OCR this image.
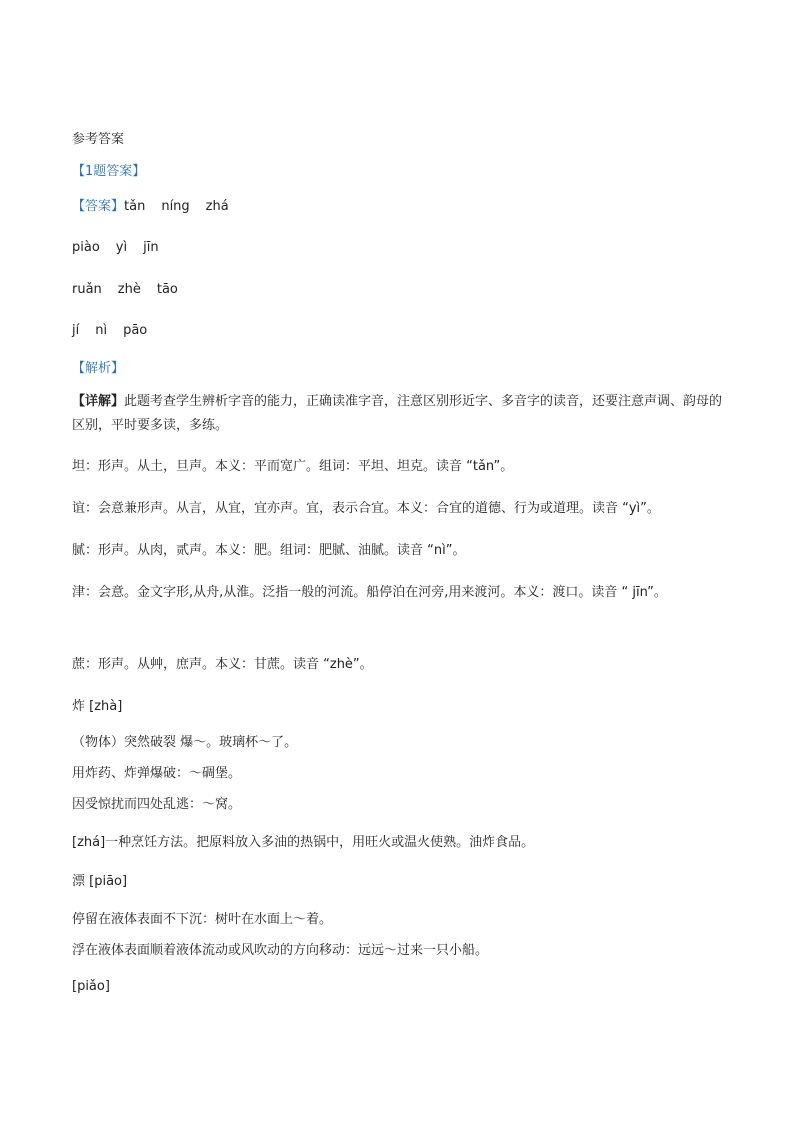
参考答案
【1题答案】
【答案】tǎn níng zhá
piào yì jīn
ruǎn zhè tāo
jí nì pāo
【解析】
【详解】此题考查学生辨析字音的能力，正确读准字音，注意区别形近字、多音字的读音，还要注意声调、韵母的区别，平时要多读，多练。
坦：形声。从土，旦声。本义：平而宽广。组词：平坦、坦克。读音 “tǎn”。
谊：会意兼形声。从言，从宜，宜亦声。宜，表示合宜。本义：合宜的道德、行为或道理。读音 “yì”。
腻：形声。从肉，贰声。本义：肥。组词：肥腻、油腻。读音 “nì”。
津：会意。金文字形,从舟,从淮。泛指一般的河流。船停泊在河旁,用来渡河。本义：渡口。读音 “ jīn”。
蔗：形声。从艸，庶声。本义：甘蔗。读音 “zhè”。
炸 [zhà]
（物体）突然破裂 爆～。玻璃杯～了。
用炸药、炸弹爆破：～碉堡。
因受惊扰而四处乱逃：～窝。
[zhá]一种烹饪方法。把原料放入多油的热锅中，用旺火或温火使熟。油炸食品。
漂 [piāo]
停留在液体表面不下沉：树叶在水面上～着。
浮在液体表面顺着液体流动或风吹动的方向移动：远远～过来一只小船。
[piǎo]
